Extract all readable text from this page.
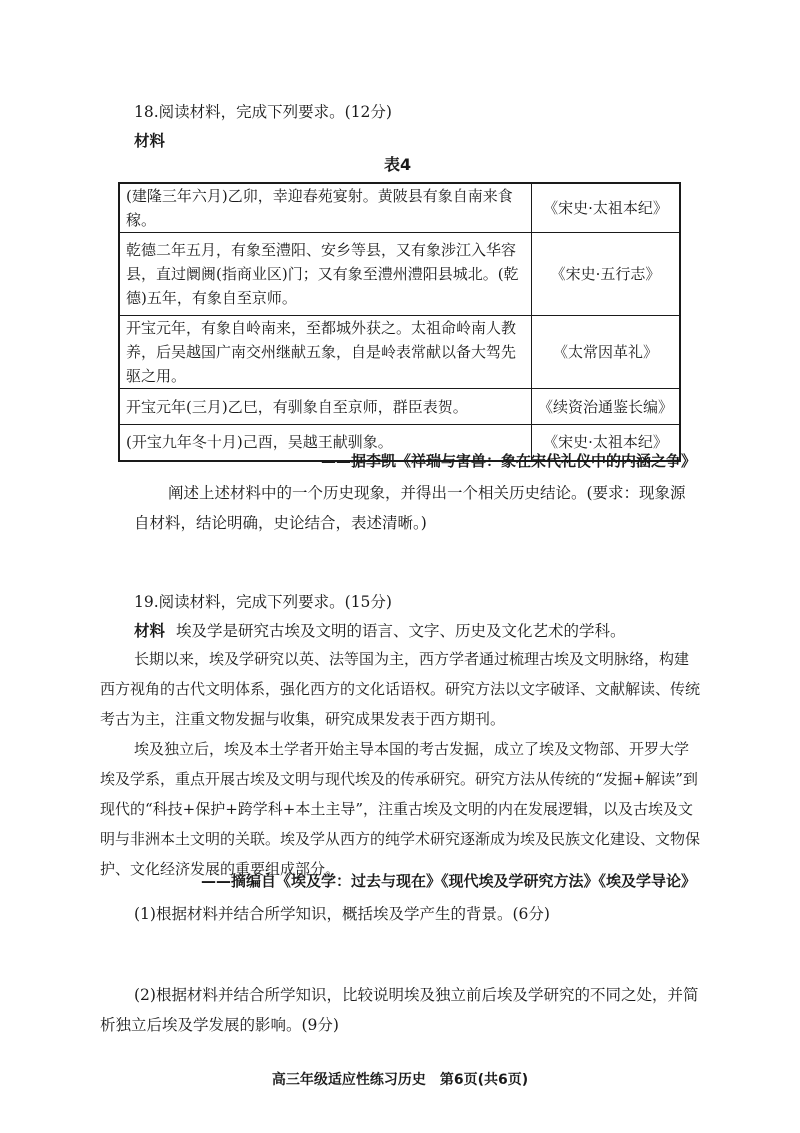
18.阅读材料，完成下列要求。(12分)
材料
表4
(建隆三年六月)乙卯，幸迎春苑宴射。黄陂县有象自南来食稼。	《宋史·太祖本纪》
乾德二年五月，有象至澧阳、安乡等县，又有象涉江入华容县，直过阛阓(指商业区)门；又有象至澧州澧阳县城北。(乾德)五年，有象自至京师。	《宋史·五行志》
开宝元年，有象自岭南来，至都城外获之。太祖命岭南人教养，后吴越国广南交州继献五象，自是岭表常献以备大驾先驱之用。	《太常因革礼》
开宝元年(三月)乙巳，有驯象自至京师，群臣表贺。	《续资治通鉴长编》
(开宝九年冬十月)己酉，吴越王献驯象。	《宋史·太祖本纪》
——据李凯《祥瑞与害兽：象在宋代礼仪中的内涵之争》
阐述上述材料中的一个历史现象，并得出一个相关历史结论。(要求：现象源自材料，结论明确，史论结合，表述清晰。)
19.阅读材料，完成下列要求。(15分)
材料 埃及学是研究古埃及文明的语言、文字、历史及文化艺术的学科。
长期以来，埃及学研究以英、法等国为主，西方学者通过梳理古埃及文明脉络，构建西方视角的古代文明体系，强化西方的文化话语权。研究方法以文字破译、文献解读、传统考古为主，注重文物发掘与收集，研究成果发表于西方期刊。
埃及独立后，埃及本土学者开始主导本国的考古发掘，成立了埃及文物部、开罗大学埃及学系，重点开展古埃及文明与现代埃及的传承研究。研究方法从传统的“发掘+解读”到现代的“科技+保护+跨学科+本土主导”，注重古埃及文明的内在发展逻辑，以及古埃及文明与非洲本土文明的关联。埃及学从西方的纯学术研究逐渐成为埃及民族文化建设、文物保护、文化经济发展的重要组成部分。
——摘编自《埃及学：过去与现在》《现代埃及学研究方法》《埃及学导论》
(1)根据材料并结合所学知识，概括埃及学产生的背景。(6分)
(2)根据材料并结合所学知识，比较说明埃及独立前后埃及学研究的不同之处，并简析独立后埃及学发展的影响。(9分)
高三年级适应性练习历史　第6页(共6页)
